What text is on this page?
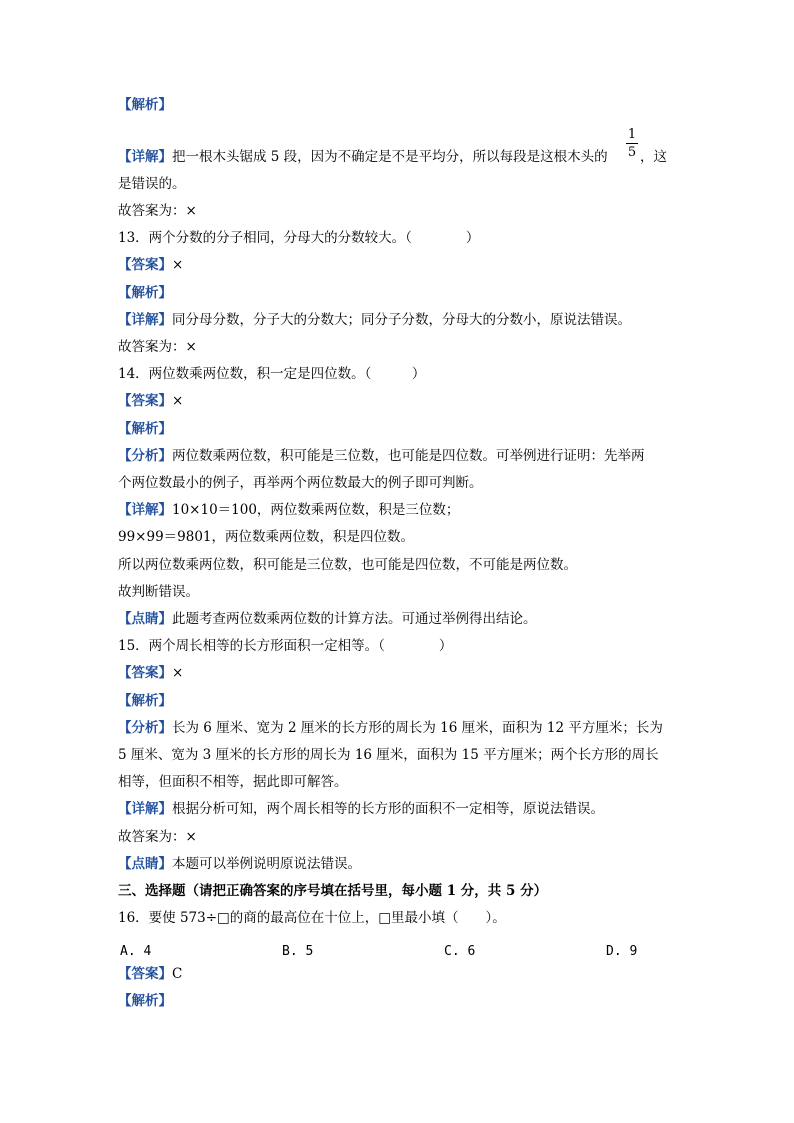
【解析】
【详解】把一根木头锯成 5 段，因为不确定是不是平均分，所以每段是这根木头的
1
5 ，这
是错误的。
故答案为：×
13．两个分数的分子相同，分母大的分数较大。（　　　　）
【答案】×
【解析】
【详解】同分母分数，分子大的分数大；同分子分数，分母大的分数小，原说法错误。
故答案为：×
14．两位数乘两位数，积一定是四位数。（　　　）
【答案】×
【解析】
【分析】两位数乘两位数，积可能是三位数，也可能是四位数。可举例进行证明：先举两
个两位数最小的例子，再举两个两位数最大的例子即可判断。
【详解】10×10＝100，两位数乘两位数，积是三位数；
99×99＝9801，两位数乘两位数，积是四位数。
所以两位数乘两位数，积可能是三位数，也可能是四位数，不可能是两位数。
故判断错误。
【点睛】此题考查两位数乘两位数的计算方法。可通过举例得出结论。
15．两个周长相等的长方形面积一定相等。（　　　　）
【答案】×
【解析】
【分析】长为 6 厘米、宽为 2 厘米的长方形的周长为 16 厘米，面积为 12 平方厘米；长为
5 厘米、宽为 3 厘米的长方形的周长为 16 厘米，面积为 15 平方厘米；两个长方形的周长
相等，但面积不相等，据此即可解答。
【详解】根据分析可知，两个周长相等的长方形的面积不一定相等，原说法错误。
故答案为：×
【点睛】本题可以举例说明原说法错误。
三、选择题（请把正确答案的序号填在括号里，每小题 1 分，共 5 分）
16．要使 573÷□的商的最高位在十位上，□里最小填（　　）。
A. 4	B. 5	C. 6	D. 9
【答案】C
【解析】
